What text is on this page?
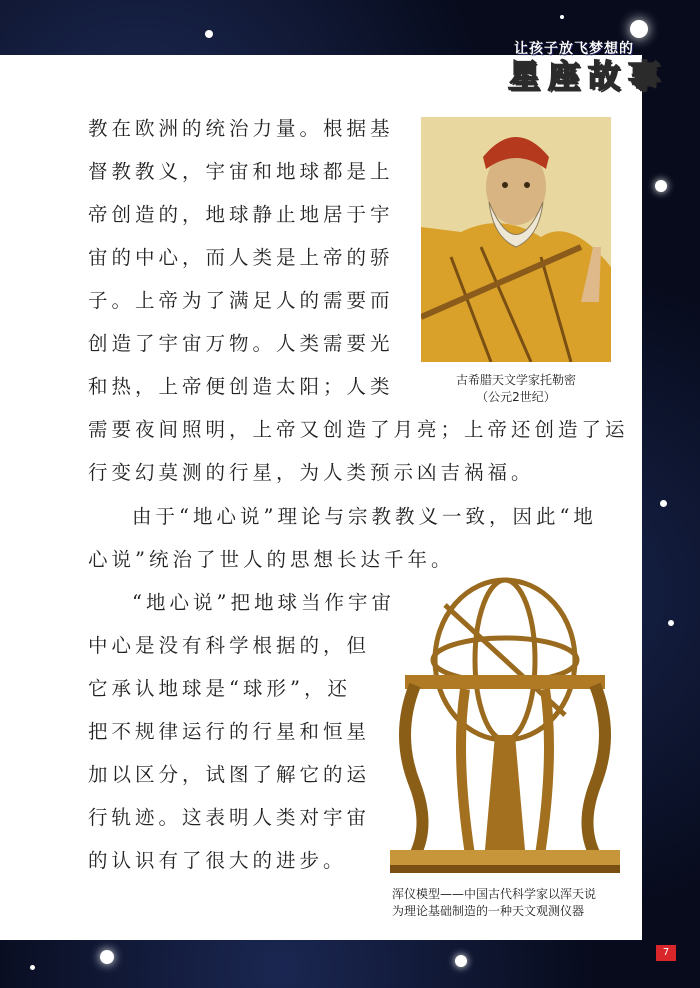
让孩子放飞梦想的
星 座 故 事
教在欧洲的统治力量。根据基
督教教义，宇宙和地球都是上
帝创造的，地球静止地居于宇
宙的中心，而人类是上帝的骄
子。上帝为了满足人的需要而
创造了宇宙万物。人类需要光
和热，上帝便创造太阳；人类
需要夜间照明，上帝又创造了月亮；上帝还创造了运
行变幻莫测的行星，为人类预示凶吉祸福。
由于“地心说”理论与宗教教义一致，因此“地
心说”统治了世人的思想长达千年。
“地心说”把地球当作宇宙
中心是没有科学根据的，但
它承认地球是“球形”，还
把不规律运行的行星和恒星
加以区分，试图了解它的运
行轨迹。这表明人类对宇宙
的认识有了很大的进步。
古希腊天文学家托勒密
（公元2世纪）
浑仪模型——中国古代科学家以浑天说
为理论基础制造的一种天文观测仪器
7
